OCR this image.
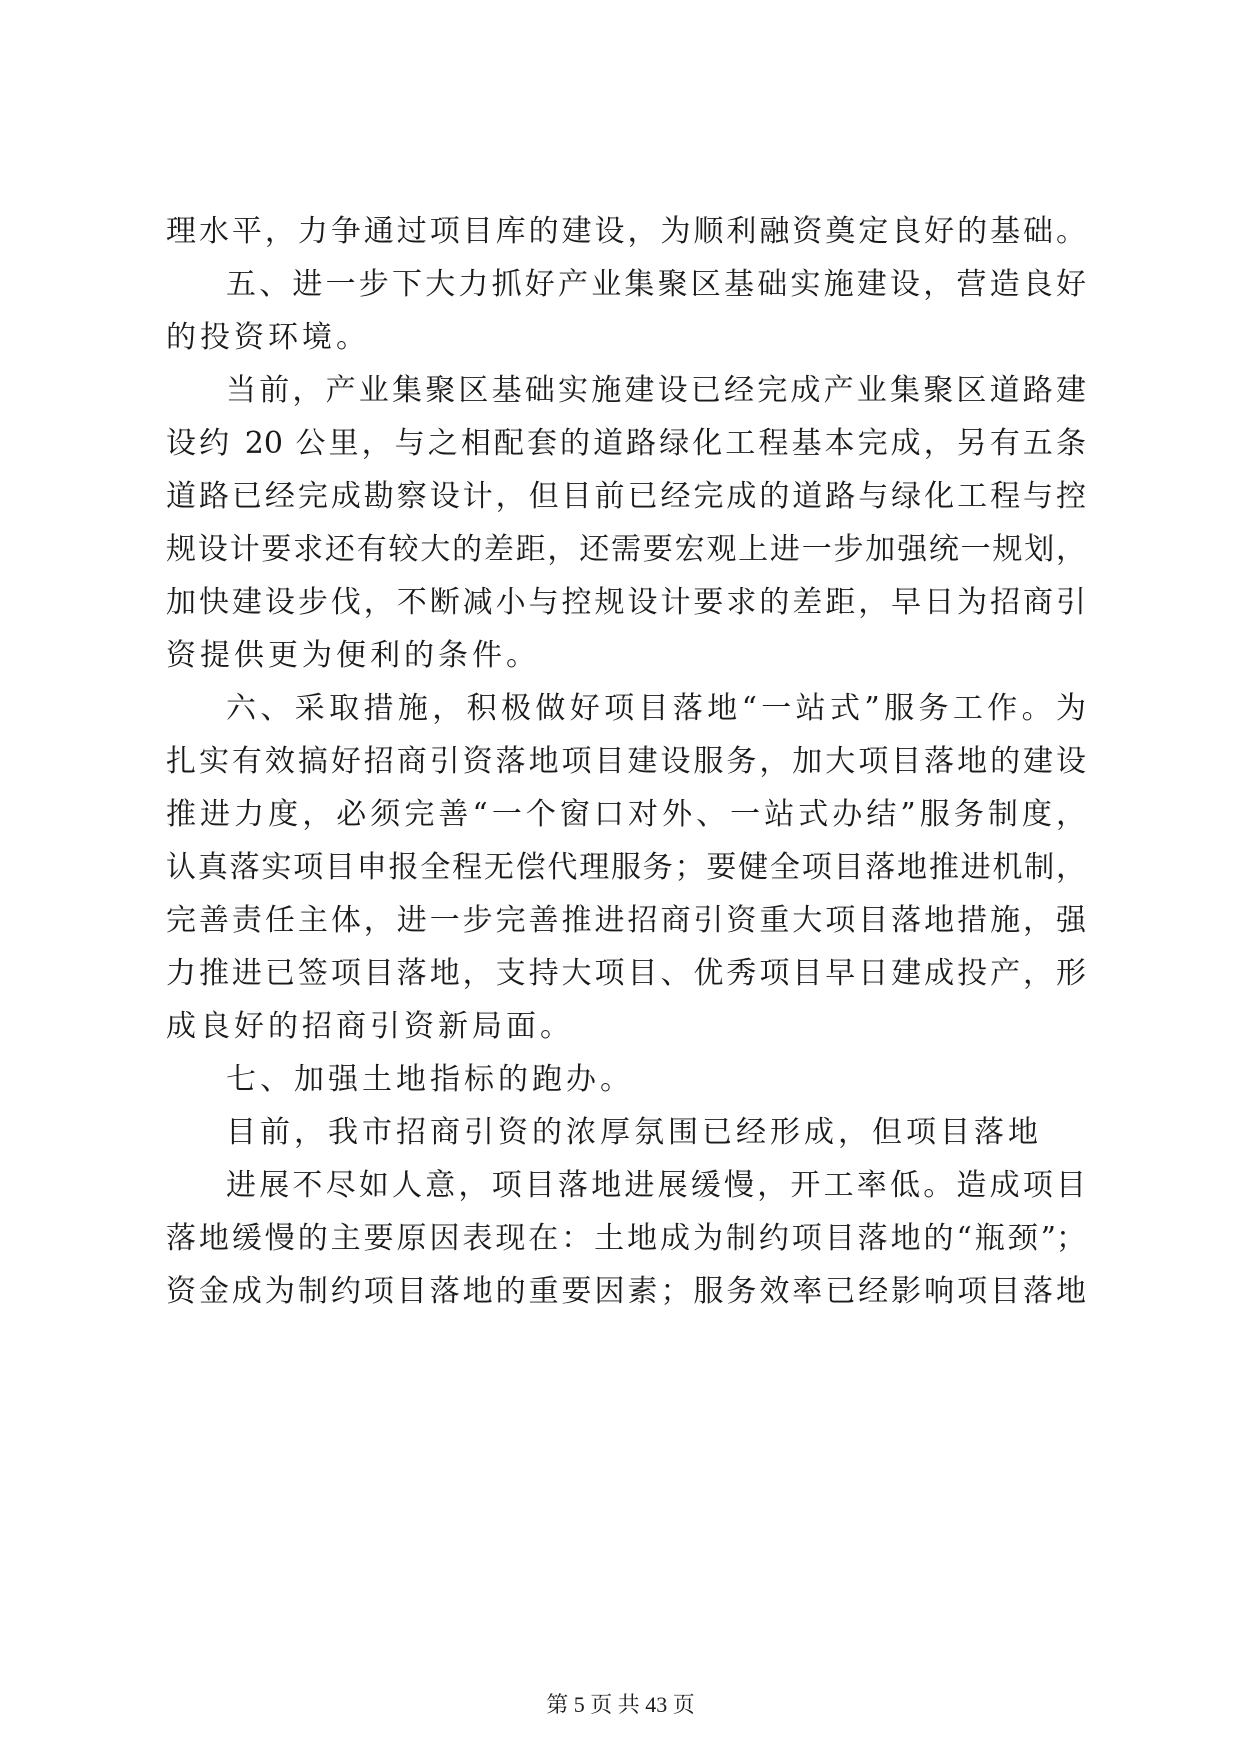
理水平，力争通过项目库的建设，为顺利融资奠定良好的基础。
五、进一步下大力抓好产业集聚区基础实施建设，营造良好
的投资环境。
当前，产业集聚区基础实施建设已经完成产业集聚区道路建
设约 20 公里，与之相配套的道路绿化工程基本完成，另有五条
道路已经完成勘察设计，但目前已经完成的道路与绿化工程与控
规设计要求还有较大的差距，还需要宏观上进一步加强统一规划，
加快建设步伐，不断减小与控规设计要求的差距，早日为招商引
资提供更为便利的条件。
六、采取措施，积极做好项目落地“一站式”服务工作。为
扎实有效搞好招商引资落地项目建设服务，加大项目落地的建设
推进力度，必须完善“一个窗口对外、一站式办结”服务制度，
认真落实项目申报全程无偿代理服务；要健全项目落地推进机制，
完善责任主体，进一步完善推进招商引资重大项目落地措施，强
力推进已签项目落地，支持大项目、优秀项目早日建成投产，形
成良好的招商引资新局面。
七、加强土地指标的跑办。
目前，我市招商引资的浓厚氛围已经形成，但项目落地
进展不尽如人意，项目落地进展缓慢，开工率低。造成项目
落地缓慢的主要原因表现在：土地成为制约项目落地的“瓶颈”；
资金成为制约项目落地的重要因素；服务效率已经影响项目落地
第 5 页 共 43 页
